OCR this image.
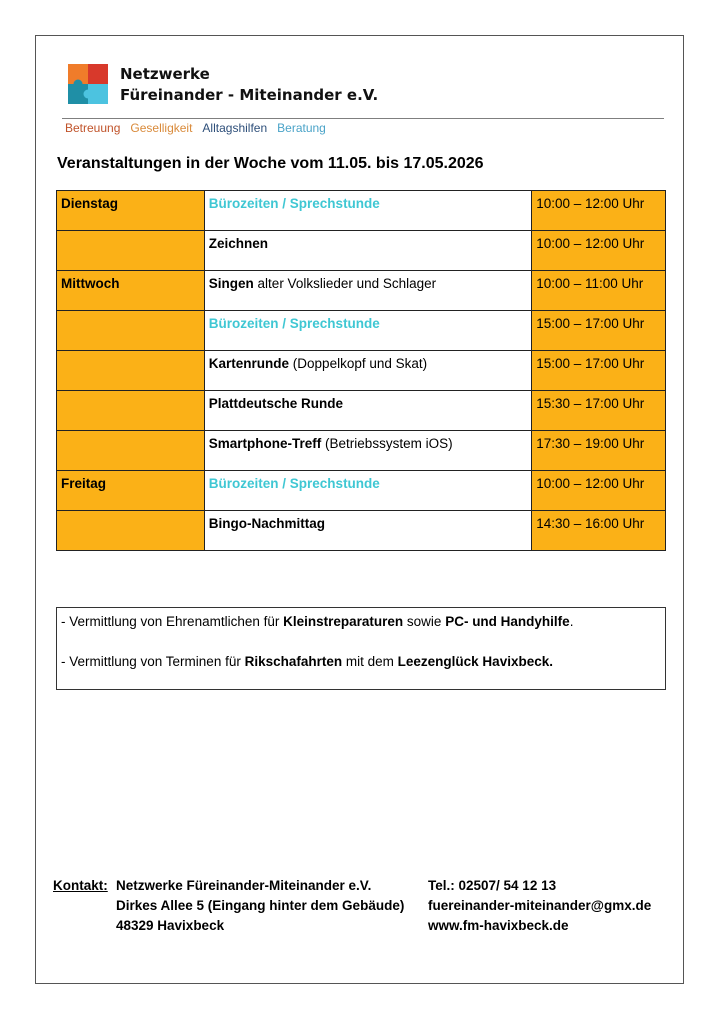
Netzwerke
Füreinander - Miteinander e.V.
Betreuung Geselligkeit Alltagshilfen Beratung
Veranstaltungen in der Woche vom 11.05. bis 17.05.2026
Dienstag	Bürozeiten / Sprechstunde	10:00 – 12:00 Uhr
	Zeichnen	10:00 – 12:00 Uhr
Mittwoch	Singen alter Volkslieder und Schlager	10:00 – 11:00 Uhr
	Bürozeiten / Sprechstunde	15:00 – 17:00 Uhr
	Kartenrunde (Doppelkopf und Skat)	15:00 – 17:00 Uhr
	Plattdeutsche Runde	15:30 – 17:00 Uhr
	Smartphone-Treff (Betriebssystem iOS)	17:30 – 19:00 Uhr
Freitag	Bürozeiten / Sprechstunde	10:00 – 12:00 Uhr
	Bingo-Nachmittag	14:30 – 16:00 Uhr
- Vermittlung von Ehrenamtlichen für Kleinstreparaturen sowie PC- und Handyhilfe.
- Vermittlung von Terminen für Rikschafahrten mit dem Leezenglück Havixbeck.
Kontakt: Netzwerke Füreinander-Miteinander e.V.
Dirkes Allee 5 (Eingang hinter dem Gebäude)
48329 Havixbeck
Tel.: 02507/ 54 12 13
fuereinander-miteinander@gmx.de
www.fm-havixbeck.de
